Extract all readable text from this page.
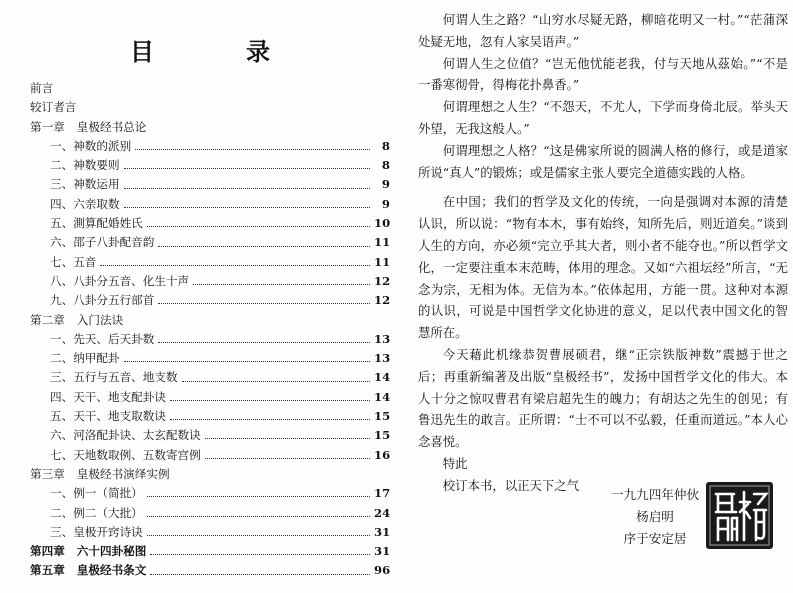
目　录
前言
较订者言
第一章 皇极经书总论
一、神数的派别	8
二、神数要则	8
三、神数运用	9
四、六亲取数	9
五、測算配婚姓氏	10
六、邵子八卦配音韵	11
七、五音	11
八、八卦分五音、化生十声	12
九、八卦分五行部首	12
第二章 入门法诀
一、先天、后天卦数	13
二、纳甲配卦	13
三、五行与五音、地支数	14
四、天干、地支配卦诀	14
五、天干、地支取数诀	15
六、河洛配卦诀、太玄配数诀	15
七、天地数取例、五数寄宫例	16
第三章 皇极经书演绎实例
一、例一（简批）	17
二、例二（大批）	24
三、皇极开窍诗诀	31
第四章 六十四卦秘图	31
第五章 皇极经书条文	96

何谓人生之路？“山穷水尽疑无路，柳暗花明又一村。”“茫蒲深处疑无地，忽有人家吴语声。”

何谓人生之位值？“岂无他忧能老我，付与天地从茲始。”“不是一番寒彻骨，得梅花扑鼻香。”

何谓理想之人生？“不怨天，不尤人，下学而身倚北辰。举头天外望，无我这般人。”

何谓理想之人格？“这是佛家所说的圆满人格的修行，或是道家所说“真人”的锻炼；或是儒家主张人要完全道德实践的人格。

在中国；我们的哲学及文化的传统，一向是强调对本源的清楚认识，所以说：“物有本木，事有始终，知所先后，则近道矣。”谈到人生的方向，亦必须“完立乎其大者，则小者不能夺也。”所以哲学文化，一定要注重本末范畴，体用的理念。又如“六祖坛经”所言，“无念为宗，无相为体。无信为本。”依体起用，方能一贯。这种对本源的认识，可说是中国哲学文化协进的意义，足以代表中国文化的智慧所在。

今天藉此机缘恭贺曹展硕君，继“正宗铁版神数”震撼于世之后；再重新编著及出版“皇极经书”，发扬中国哲学文化的伟大。本人十分之惊叹曹君有梁启超先生的魄力；有胡达之先生的创见；有鲁迅先生的敢言。正所谓：“士不可以不弘毅，任重而道远。”本人心念喜悦。

特此

校订本书，以正天下之气

一九九四年仲伙
杨启明
序于安定居
